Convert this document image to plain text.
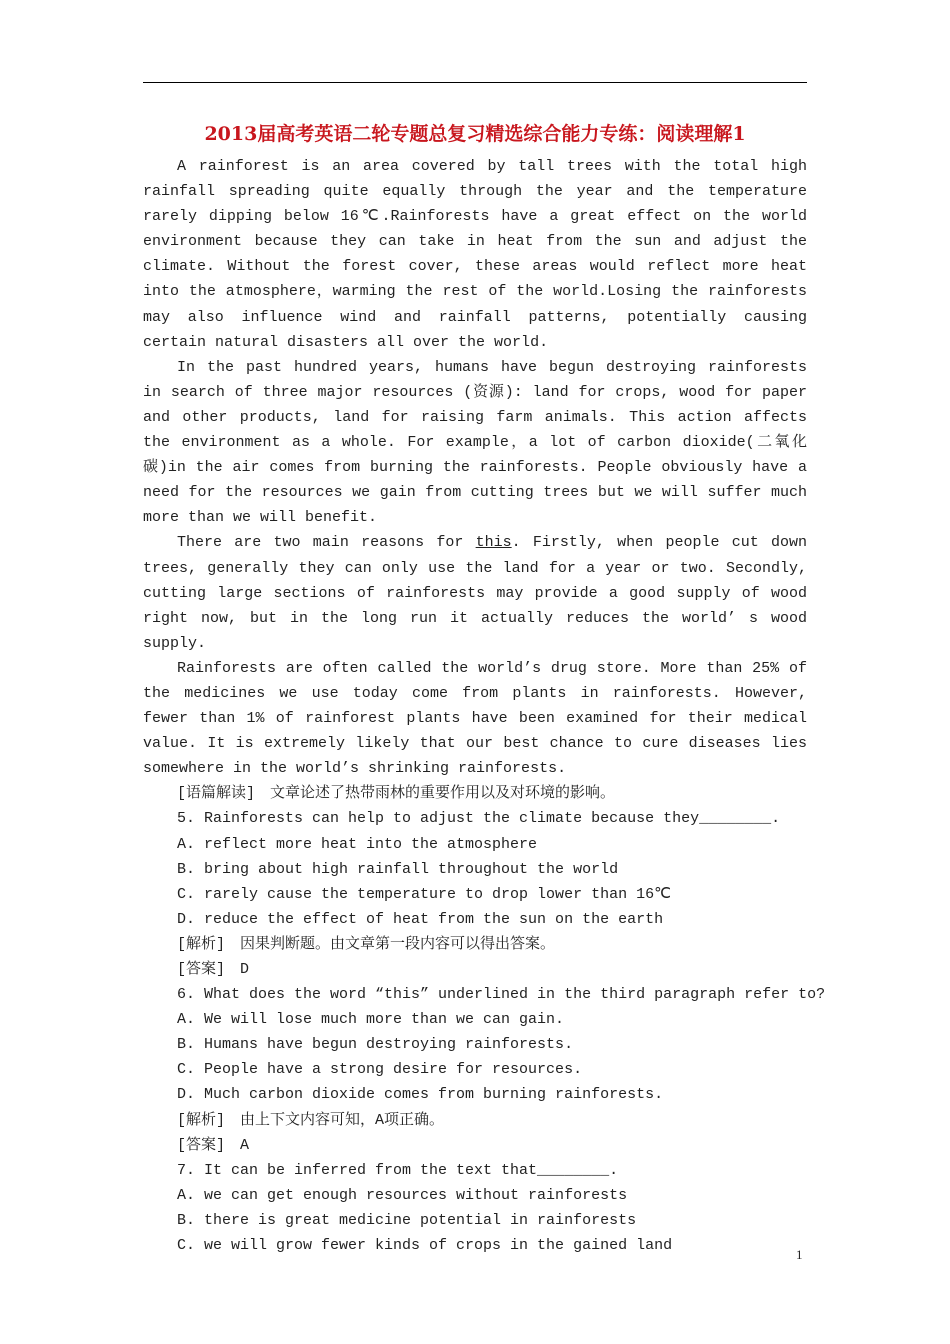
2013届高考英语二轮专题总复习精选综合能力专练：阅读理解1

A rainforest is an area covered by tall trees with the total high rainfall spreading quite equally through the year and the temperature rarely dipping below 16℃.Rainforests have a great effect on the world environment because they can take in heat from the sun and adjust the climate. Without the forest cover, these areas would reflect more heat into the atmosphere，warming the rest of the world.Losing the rainforests may also influence wind and rainfall patterns, potentially causing certain natural disasters all over the world.

In the past hundred years, humans have begun destroying rainforests in search of three major resources (资源): land for crops, wood for paper and other products, land for raising farm animals. This action affects the environment as a whole. For example，a lot of carbon dioxide(二氧化碳)in the air comes from burning the rainforests. People obviously have a need for the resources we gain from cutting trees but we will suffer much more than we will benefit.

There are two main reasons for this. Firstly, when people cut down trees, generally they can only use the land for a year or two. Secondly, cutting large sections of rainforests may provide a good supply of wood right now, but in the long run it actually reduces the world’ s wood supply.

Rainforests are often called the world’s drug store. More than 25% of the medicines we use today come from plants in rainforests. However, fewer than 1% of rainforest plants have been examined for their medical value. It is extremely likely that our best chance to cure diseases lies somewhere in the world’s shrinking rainforests.

[语篇解读]　文章论述了热带雨林的重要作用以及对环境的影响。

5. Rainforests can help to adjust the climate because they________.

A. reflect more heat into the atmosphere

B. bring about high rainfall throughout the world

C. rarely cause the temperature to drop lower than 16℃

D. reduce the effect of heat from the sun on the earth

[解析]　因果判断题。由文章第一段内容可以得出答案。

[答案]　D

6. What does the word “this” underlined in the third paragraph refer to?

A. We will lose much more than we can gain.

B. Humans have begun destroying rainforests.

C. People have a strong desire for resources.

D. Much carbon dioxide comes from burning rainforests.

[解析]　由上下文内容可知，A项正确。

[答案]　A

7. It can be inferred from the text that________.

A. we can get enough resources without rainforests

B. there is great medicine potential in rainforests

C. we will grow fewer kinds of crops in the gained land

1
